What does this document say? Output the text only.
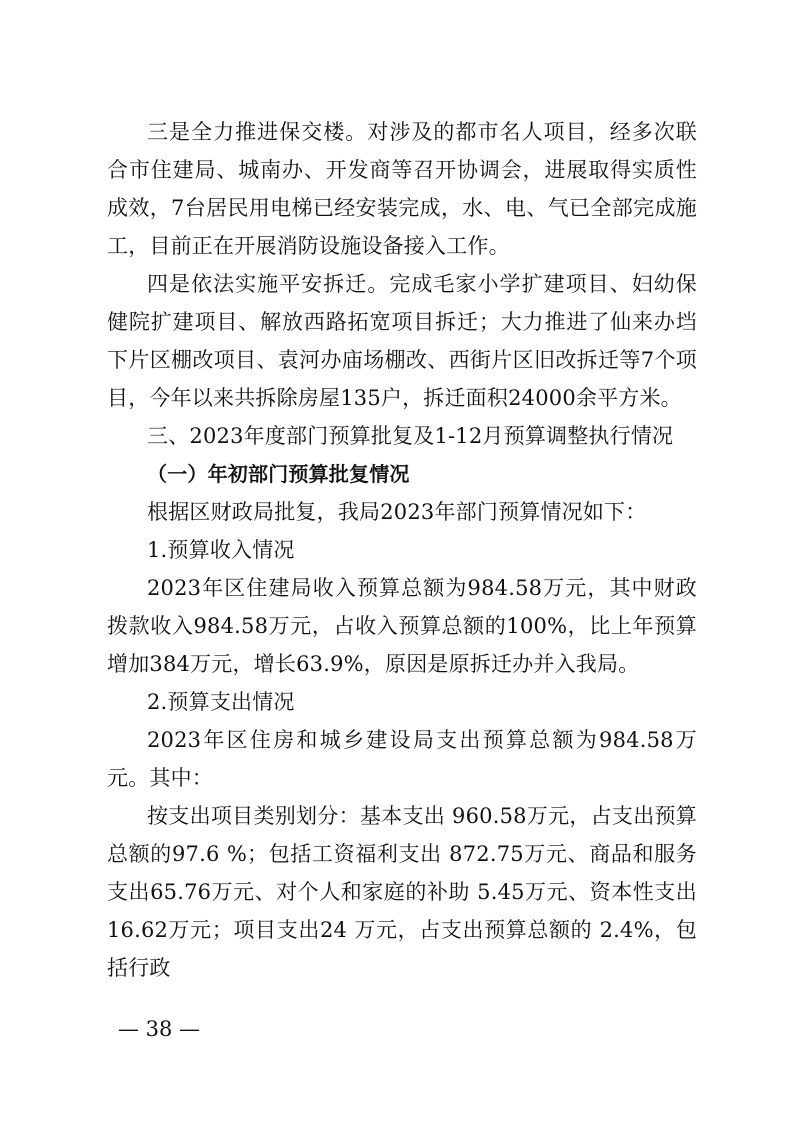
三是全力推进保交楼。对涉及的都市名人项目，经多次联合市住建局、城南办、开发商等召开协调会，进展取得实质性成效，7台居民用电梯已经安装完成，水、电、气已全部完成施工，目前正在开展消防设施设备接入工作。

四是依法实施平安拆迁。完成毛家小学扩建项目、妇幼保健院扩建项目、解放西路拓宽项目拆迁；大力推进了仙来办垱下片区棚改项目、袁河办庙场棚改、西街片区旧改拆迁等7个项目，今年以来共拆除房屋135户，拆迁面积24000余平方米。

三、2023年度部门预算批复及1-12月预算调整执行情况

（一）年初部门预算批复情况

根据区财政局批复，我局2023年部门预算情况如下：

1.预算收入情况

2023年区住建局收入预算总额为984.58万元，其中财政拨款收入984.58万元，占收入预算总额的100%，比上年预算增加384万元，增长63.9%，原因是原拆迁办并入我局。

2.预算支出情况

2023年区住房和城乡建设局支出预算总额为984.58万元。其中：

按支出项目类别划分：基本支出 960.58万元，占支出预算总额的97.6 %；包括工资福利支出 872.75万元、商品和服务支出65.76万元、对个人和家庭的补助 5.45万元、资本性支出16.62万元；项目支出24 万元，占支出预算总额的 2.4%，包括行政

— 38 —
